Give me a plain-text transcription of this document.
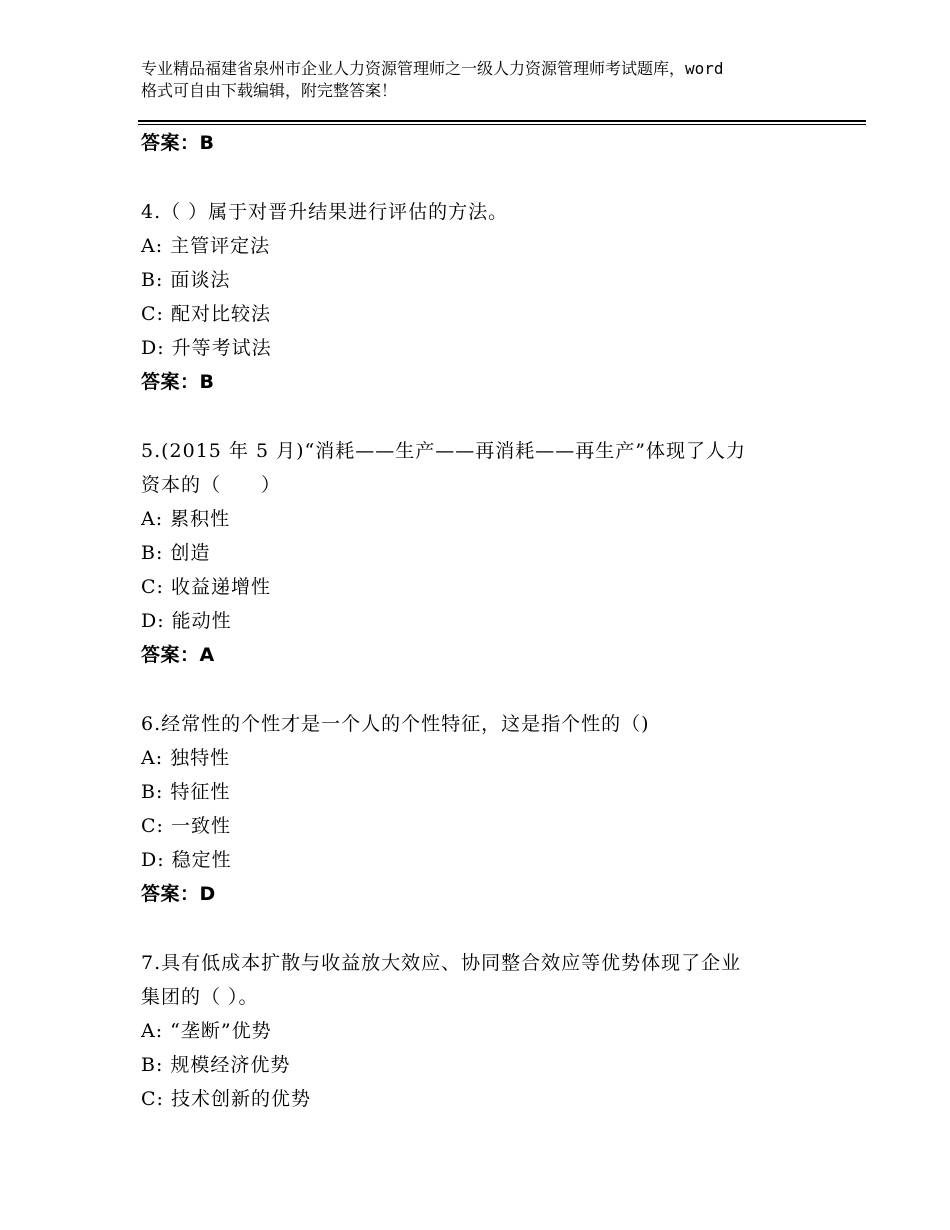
专业精品福建省泉州市企业人力资源管理师之一级人力资源管理师考试题库，word
格式可自由下载编辑，附完整答案！
答案：B
4.（ ）属于对晋升结果进行评估的方法。
A: 主管评定法
B: 面谈法
C: 配对比较法
D: 升等考试法
答案：B
5.(2015 年 5 月)“消耗——生产——再消耗——再生产”体现了人力
资本的（　　）
A: 累积性
B: 创造
C: 收益递增性
D: 能动性
答案：A
6.经常性的个性才是一个人的个性特征，这是指个性的（)
A: 独特性
B: 特征性
C: 一致性
D: 稳定性
答案：D
7.具有低成本扩散与收益放大效应、协同整合效应等优势体现了企业
集团的（ ）。
A: “垄断”优势
B: 规模经济优势
C: 技术创新的优势
